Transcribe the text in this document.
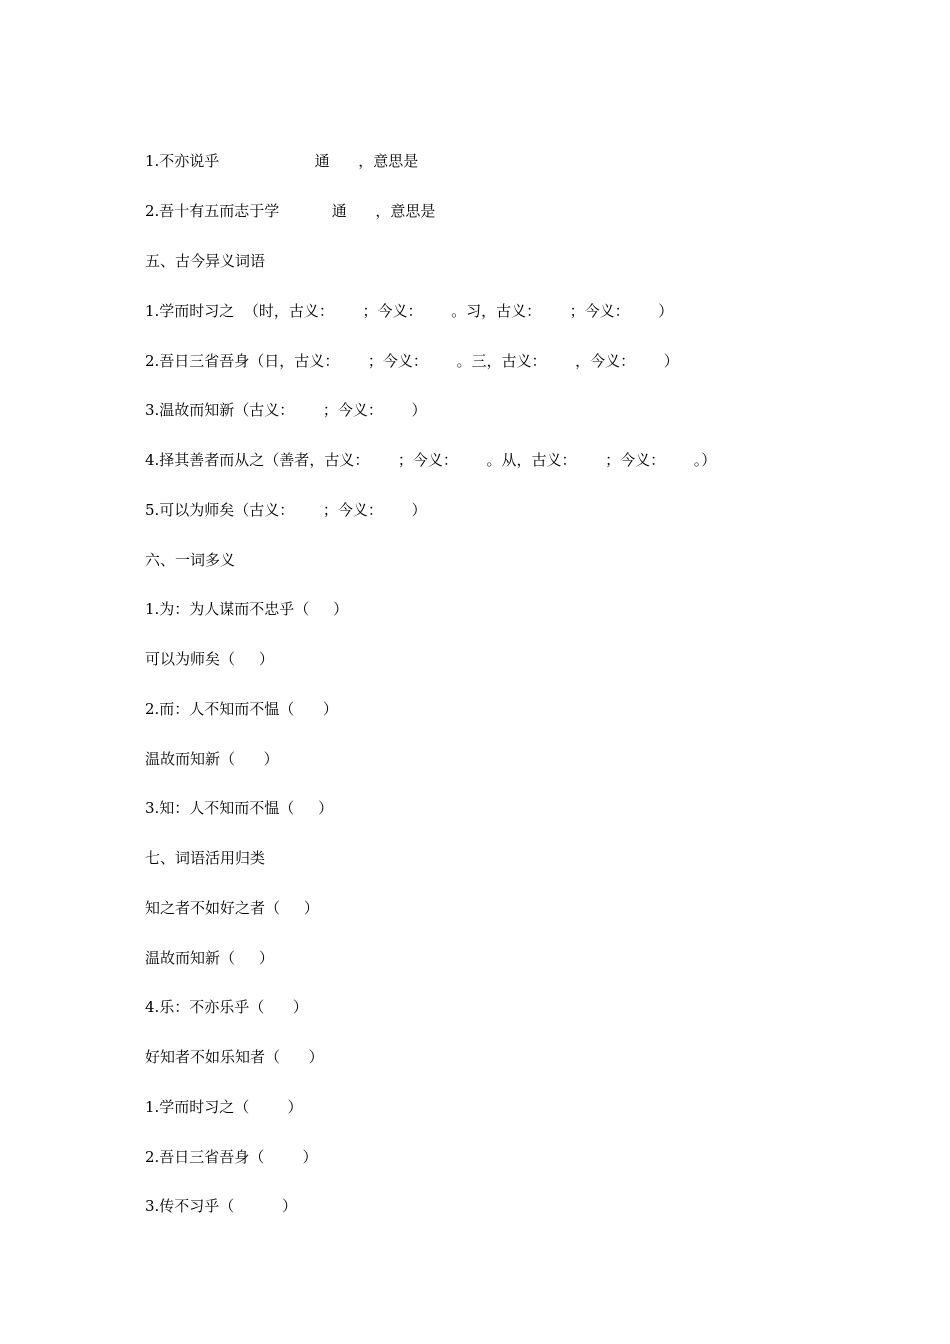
1.不亦说乎                    通      ，意思是
2.吾十有五而志于学           通      ，意思是
五、古今异义词语
1.学而时习之  （时，古义：      ；今义：      。习，古义：      ；今义：      ）
2.吾日三省吾身（日，古义：      ；今义：      。三，古义：      ，今义：      ）
3.温故而知新（古义：      ；今义：      ）
4.择其善者而从之（善者，古义：      ；今义：      。从，古义：      ；今义：      。）
5.可以为师矣（古义：      ；今义：      ）
六、一词多义
1.为：为人谋而不忠乎（     ）
可以为师矣（     ）
2.而：人不知而不愠（      ）
温故而知新（      ）
3.知：人不知而不愠（     ）
七、词语活用归类
知之者不如好之者（     ）
温故而知新（     ）
4.乐：不亦乐乎（      ）
好知者不如乐知者（      ）
1.学而时习之（        ）
2.吾日三省吾身（        ）
3.传不习乎（          ）
